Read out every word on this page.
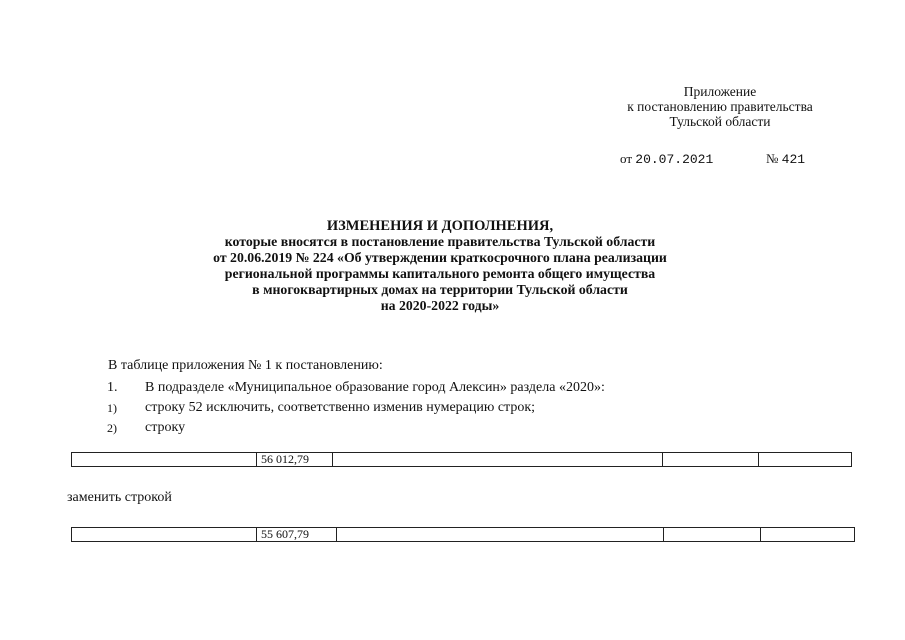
Приложение
к постановлению правительства
Тульской области
от 20.07.2021	№ 421
ИЗМЕНЕНИЯ И ДОПОЛНЕНИЯ,
которые вносятся в постановление правительства Тульской области
от 20.06.2019 № 224 «Об утверждении краткосрочного плана реализации
региональной программы капитального ремонта общего имущества
в многоквартирных домах на территории Тульской области
на 2020-2022 годы»
В таблице приложения № 1 к постановлению:
1. В подразделе «Муниципальное образование город Алексин» раздела «2020»:
1) строку 52 исключить, соответственно изменив нумерацию строк;
2) строку
	56 012,79			
заменить строкой
	55 607,79			
